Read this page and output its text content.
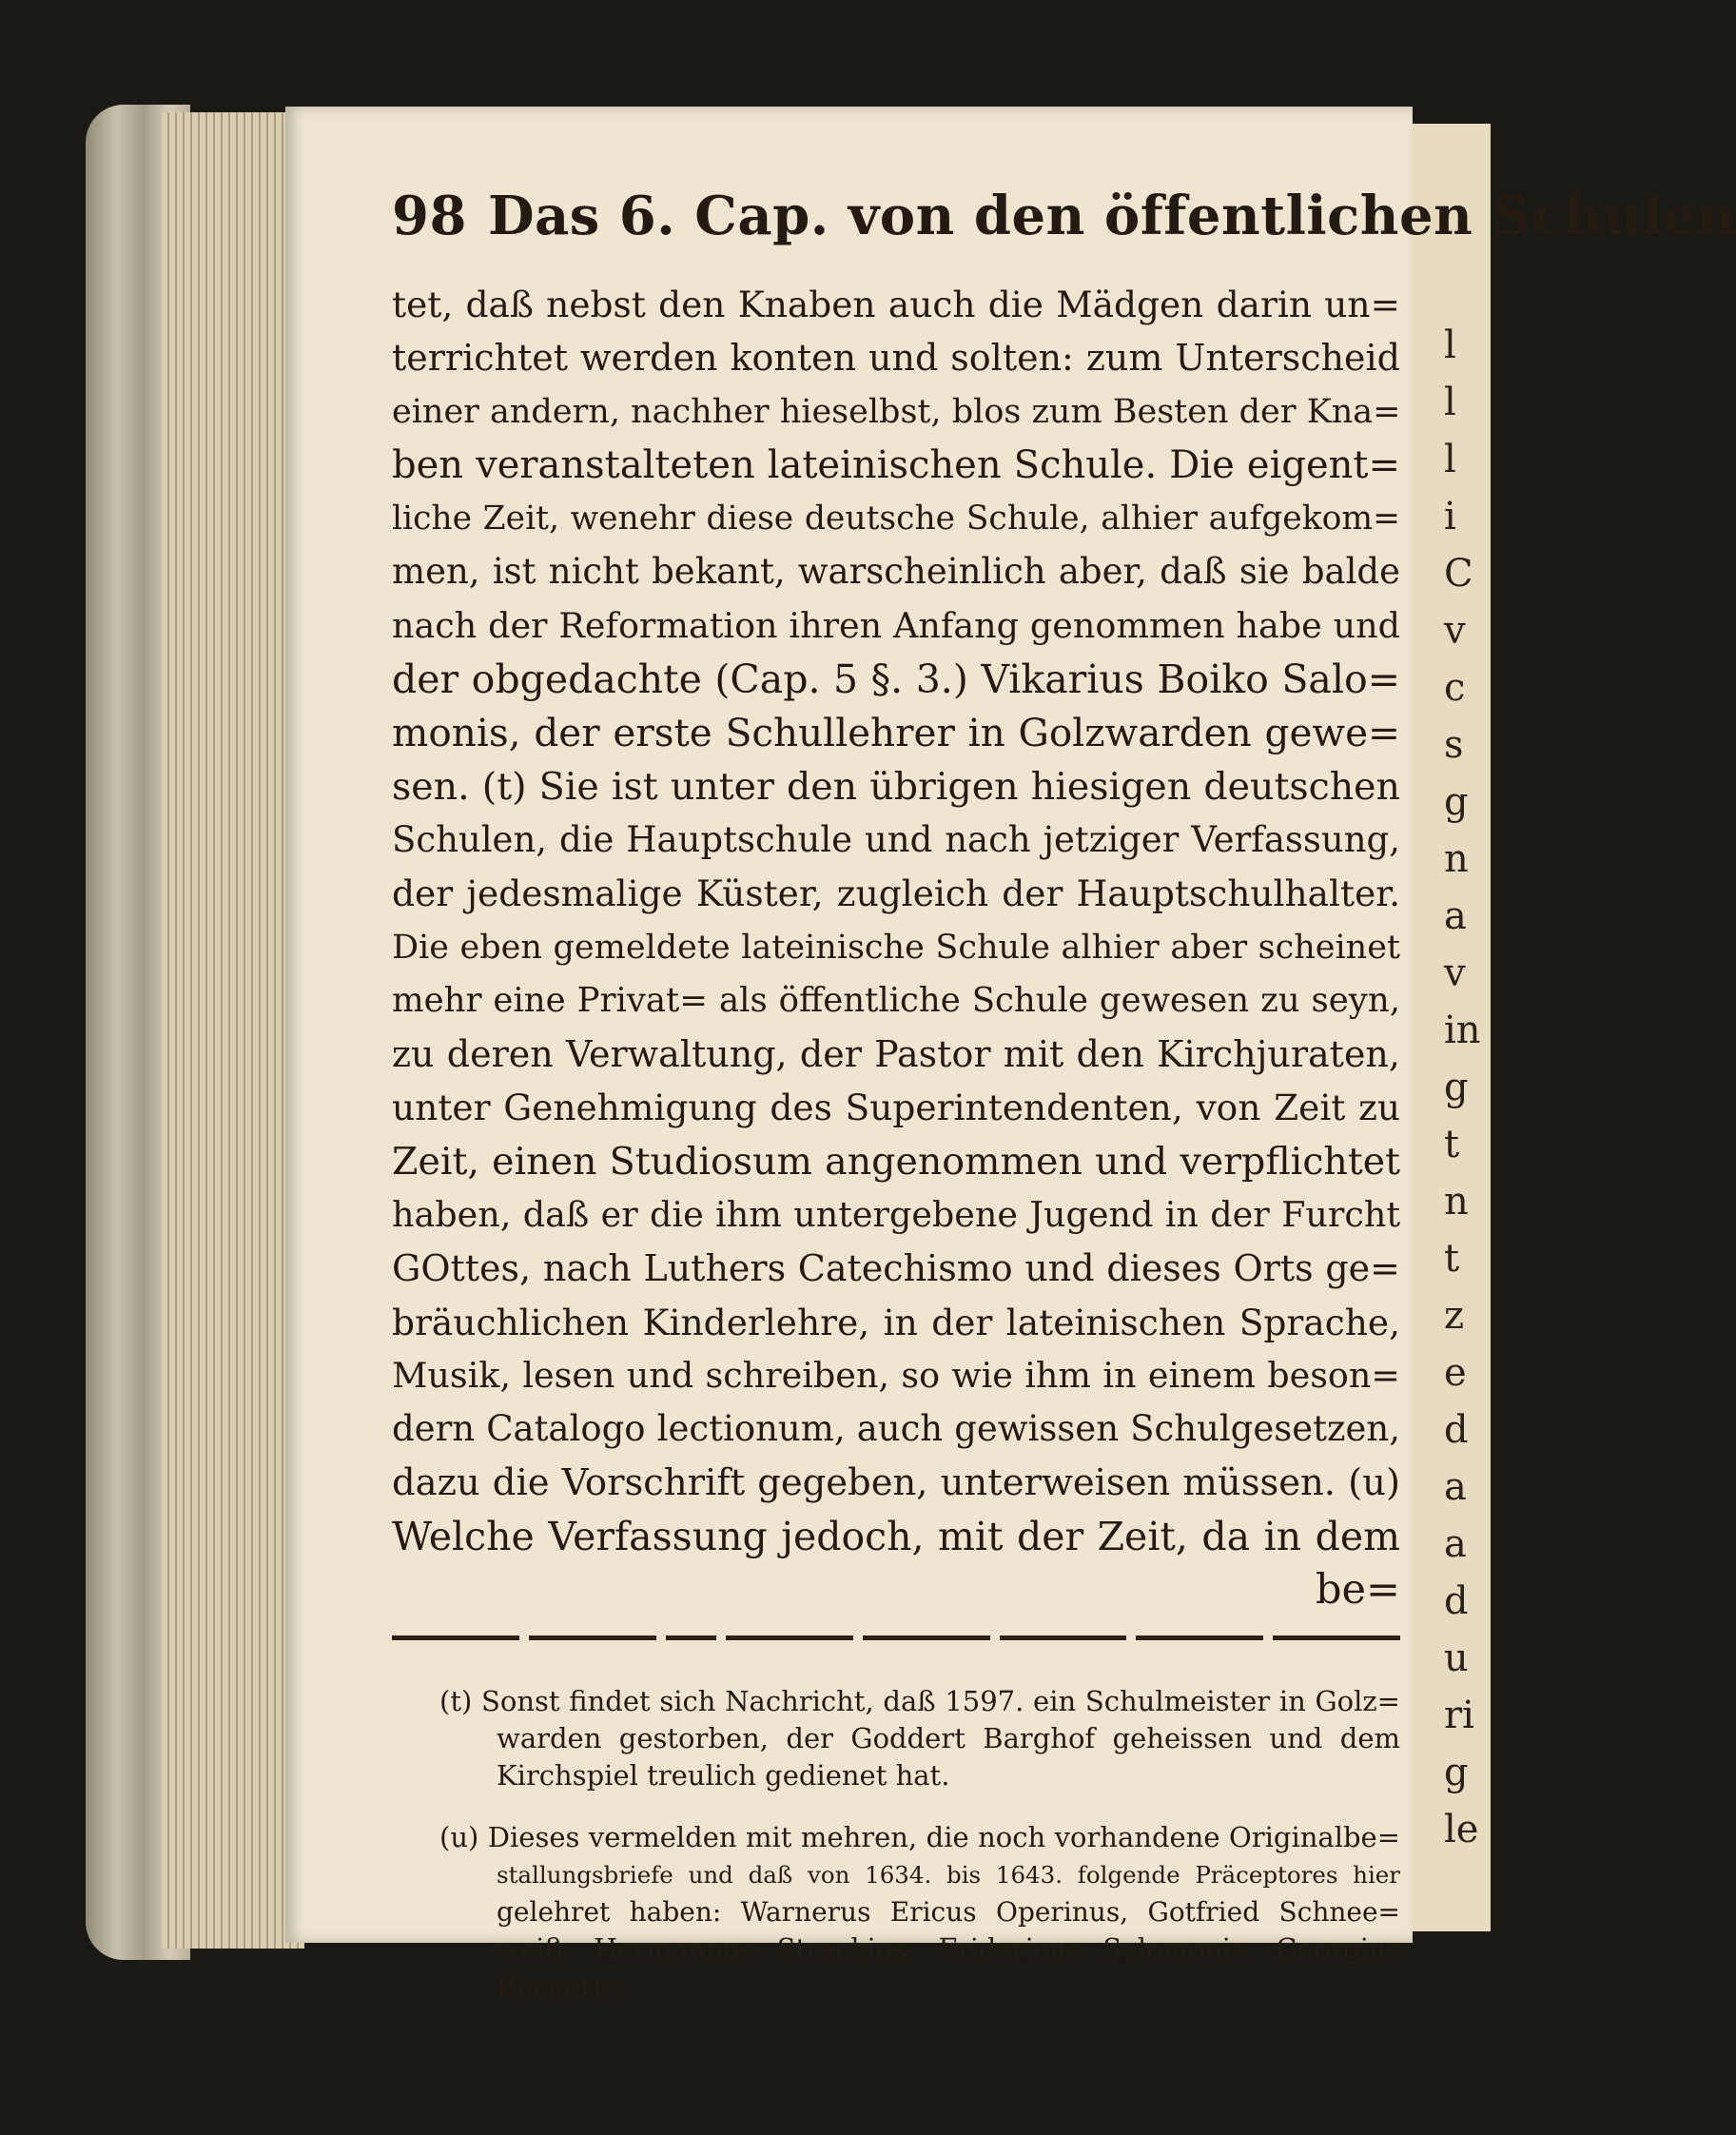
l
l
l
i
C
v
c
s
g
n
a
v
in
g
t
n
t
z
e
d
a
a
d
u
ri
g
le
98 Das 6. Cap. von den öffentlichen Schulen
tet, daß nebst den Knaben auch die Mädgen darin un=
terrichtet werden konten und solten: zum Unterscheid
einer andern, nachher hieselbst, blos zum Besten der Kna=
ben veranstalteten lateinischen Schule. Die eigent=
liche Zeit, wenehr diese deutsche Schule, alhier aufgekom=
men, ist nicht bekant, warscheinlich aber, daß sie balde
nach der Reformation ihren Anfang genommen habe und
der obgedachte (Cap. 5 §. 3.) Vikarius Boiko Salo=
monis, der erste Schullehrer in Golzwarden gewe=
sen. (t) Sie ist unter den übrigen hiesigen deutschen
Schulen, die Hauptschule und nach jetziger Verfassung,
der jedesmalige Küster, zugleich der Hauptschulhalter.
Die eben gemeldete lateinische Schule alhier aber scheinet
mehr eine Privat= als öffentliche Schule gewesen zu seyn,
zu deren Verwaltung, der Pastor mit den Kirchjuraten,
unter Genehmigung des Superintendenten, von Zeit zu
Zeit, einen Studiosum angenommen und verpflichtet
haben, daß er die ihm untergebene Jugend in der Furcht
GOttes, nach Luthers Catechismo und dieses Orts ge=
bräuchlichen Kinderlehre, in der lateinischen Sprache,
Musik, lesen und schreiben, so wie ihm in einem beson=
dern Catalogo lectionum, auch gewissen Schulgesetzen,
dazu die Vorschrift gegeben, unterweisen müssen. (u)
Welche Verfassung jedoch, mit der Zeit, da in dem
be=
(t) Sonst findet sich Nachricht, daß 1597. ein Schulmeister in Golz=
warden gestorben, der Goddert Barghof geheissen und dem
Kirchspiel treulich gedienet hat.
(u) Dieses vermelden mit mehren, die noch vorhandene Originalbe=
stallungsbriefe und daß von 1634. bis 1643. folgende Präceptores hier
gelehret haben: Warnerus Ericus Operinus, Gotfried Schnee=
weiß, Hermannus Strackius, Fridericus Salomonis, Georgius
Beccerus.
